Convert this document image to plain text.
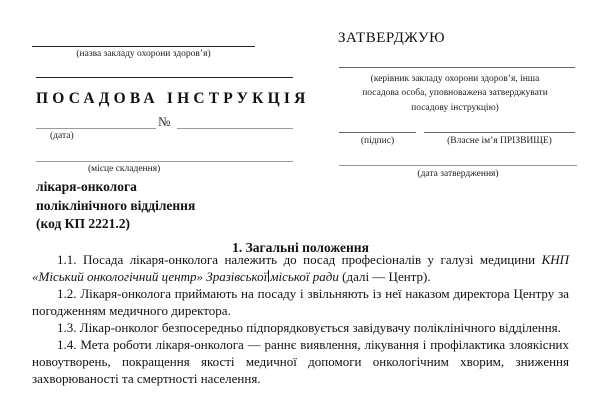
(назва закладу охорони здоров’я)
ПОСАДОВА ІНСТРУКЦІЯ
№
(дата)
(місце складення)
лікаря-онколога
поліклінічного відділення
(код КП 2221.2)
ЗАТВЕРДЖУЮ
(керівник закладу охорони здоров’я, інша
посадова особа, уповноважена затверджувати
посадову інструкцію)
(підпис)	(Власне ім’я ПРІЗВИЩЕ)
(дата затвердження)
1. Загальні положення

1.1. Посада лікаря-онколога належить до посад професіоналів у галузі медицини КНП «Міський онкологічний центр» Зразівської міської ради (далі — Центр).

1.2. Лікаря-онколога приймають на посаду і звільняють із неї наказом директора Центру за погодженням медичного директора.

1.3. Лікар-онколог безпосередньо підпорядковується завідувачу поліклінічного відділення.

1.4. Мета роботи лікаря-онколога — раннє виявлення, лікування і профілактика злоякісних новоутворень, покращення якості медичної допомоги онкологічним хворим, зниження захворюваності та смертності населення.
